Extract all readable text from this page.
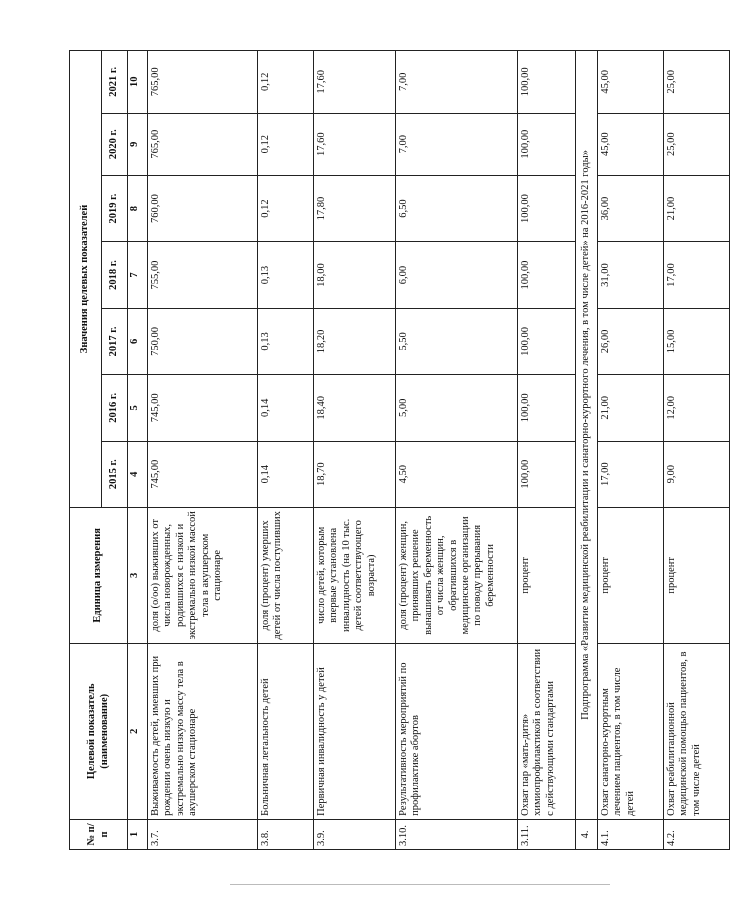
№ п/п	Целевой показатель (наименование)	Единица измерения	Значения целевых показателей						
			2015 г.	2016 г.	2017 г.	2018 г.	2019 г.	2020 г.	2021 г.
1	2	3	4	5	6	7	8	9	10
3.7.	Выживаемость детей, имевших при рождении очень низкую и экстремально низкую массу тела в акушерском стационаре	доля (о/оо) выживших от числа новорожденных, родившихся с низкой и экстремально низкой массой тела в акушерском стационаре	745,00	745,00	750,00	755,00	760,00	765,00	765,00
3.8.	Больничная летальность детей	доля (процент) умерших детей от числа поступивших	0,14	0,14	0,13	0,13	0,12	0,12	0,12
3.9.	Первичная инвалидность у детей	число детей, которым впервые установлена инвалидность (на 10 тыс. детей соответствующего возраста)	18,70	18,40	18,20	18,00	17,80	17,60	17,60
3.10.	Результативность мероприятий по профилактике абортов	доля (процент) женщин, принявших решение вынашивать беременность от числа женщин, обратившихся в медицинские организации по поводу прерывания беременности	4,50	5,00	5,50	6,00	6,50	7,00	7,00
3.11.	Охват пар «мать-дитя» химиопрофилактикой в соответствии с действующими стандартами	процент	100,00	100,00	100,00	100,00	100,00	100,00	100,00
4.	Подпрограмма «Развитие медицинской реабилитации и санаторно-курортного лечения, в том числе детей» на 2016-2021 годы»								
4.1.	Охват санаторно-курортным лечением пациентов, в том числе детей	процент	17,00	21,00	26,00	31,00	36,00	45,00	45,00
4.2.	Охват реабилитационной медицинской помощью пациентов, в том числе детей	процент	9,00	12,00	15,00	17,00	21,00	25,00	25,00
